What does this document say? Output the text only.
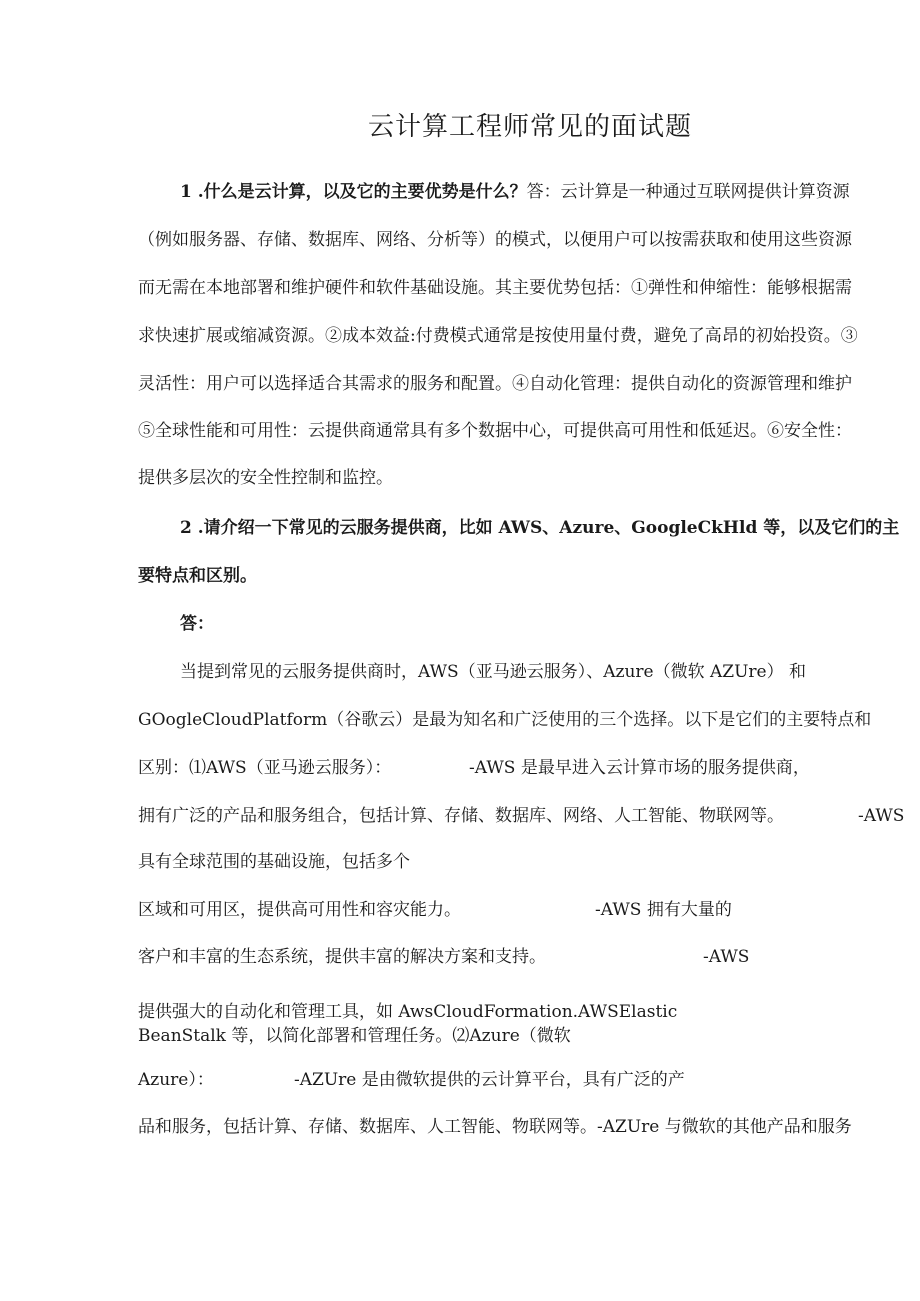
云计算工程师常见的面试题
1 .什么是云计算，以及它的主要优势是什么？答：云计算是一种通过互联网提供计算资源
（例如服务器、存储、数据库、网络、分析等）的模式，以便用户可以按需获取和使用这些资源
而无需在本地部署和维护硬件和软件基础设施。其主要优势包括：①弹性和伸缩性：能够根据需
求快速扩展或缩减资源。②成本效益:付费模式通常是按使用量付费，避免了高昂的初始投资。③
灵活性：用户可以选择适合其需求的服务和配置。④自动化管理：提供自动化的资源管理和维护
⑤全球性能和可用性：云提供商通常具有多个数据中心，可提供高可用性和低延迟。⑥安全性：
提供多层次的安全性控制和监控。
2 .请介绍一下常见的云服务提供商，比如 AWS、Azure、GoogleCkHld 等，以及它们的主
要特点和区别。
答：
当提到常见的云服务提供商时，AWS（亚马逊云服务）、Azure（微软 AZUre） 和
GOogleCloudPlatform（谷歌云）是最为知名和广泛使用的三个选择。以下是它们的主要特点和
区别：⑴AWS（亚马逊云服务）：	-AWS 是最早进入云计算市场的服务提供商，
拥有广泛的产品和服务组合，包括计算、存储、数据库、网络、人工智能、物联网等。	-AWS
具有全球范围的基础设施，包括多个
区域和可用区，提供高可用性和容灾能力。	-AWS 拥有大量的
客户和丰富的生态系统，提供丰富的解决方案和支持。	-AWS
提供强大的自动化和管理工具，如 AwsCloudFormation.AWSElastic
BeanStalk 等，以简化部署和管理任务。⑵Azure（微软
Azure）：	-AZUre 是由微软提供的云计算平台，具有广泛的产
品和服务，包括计算、存储、数据库、人工智能、物联网等。-AZUre 与微软的其他产品和服务
